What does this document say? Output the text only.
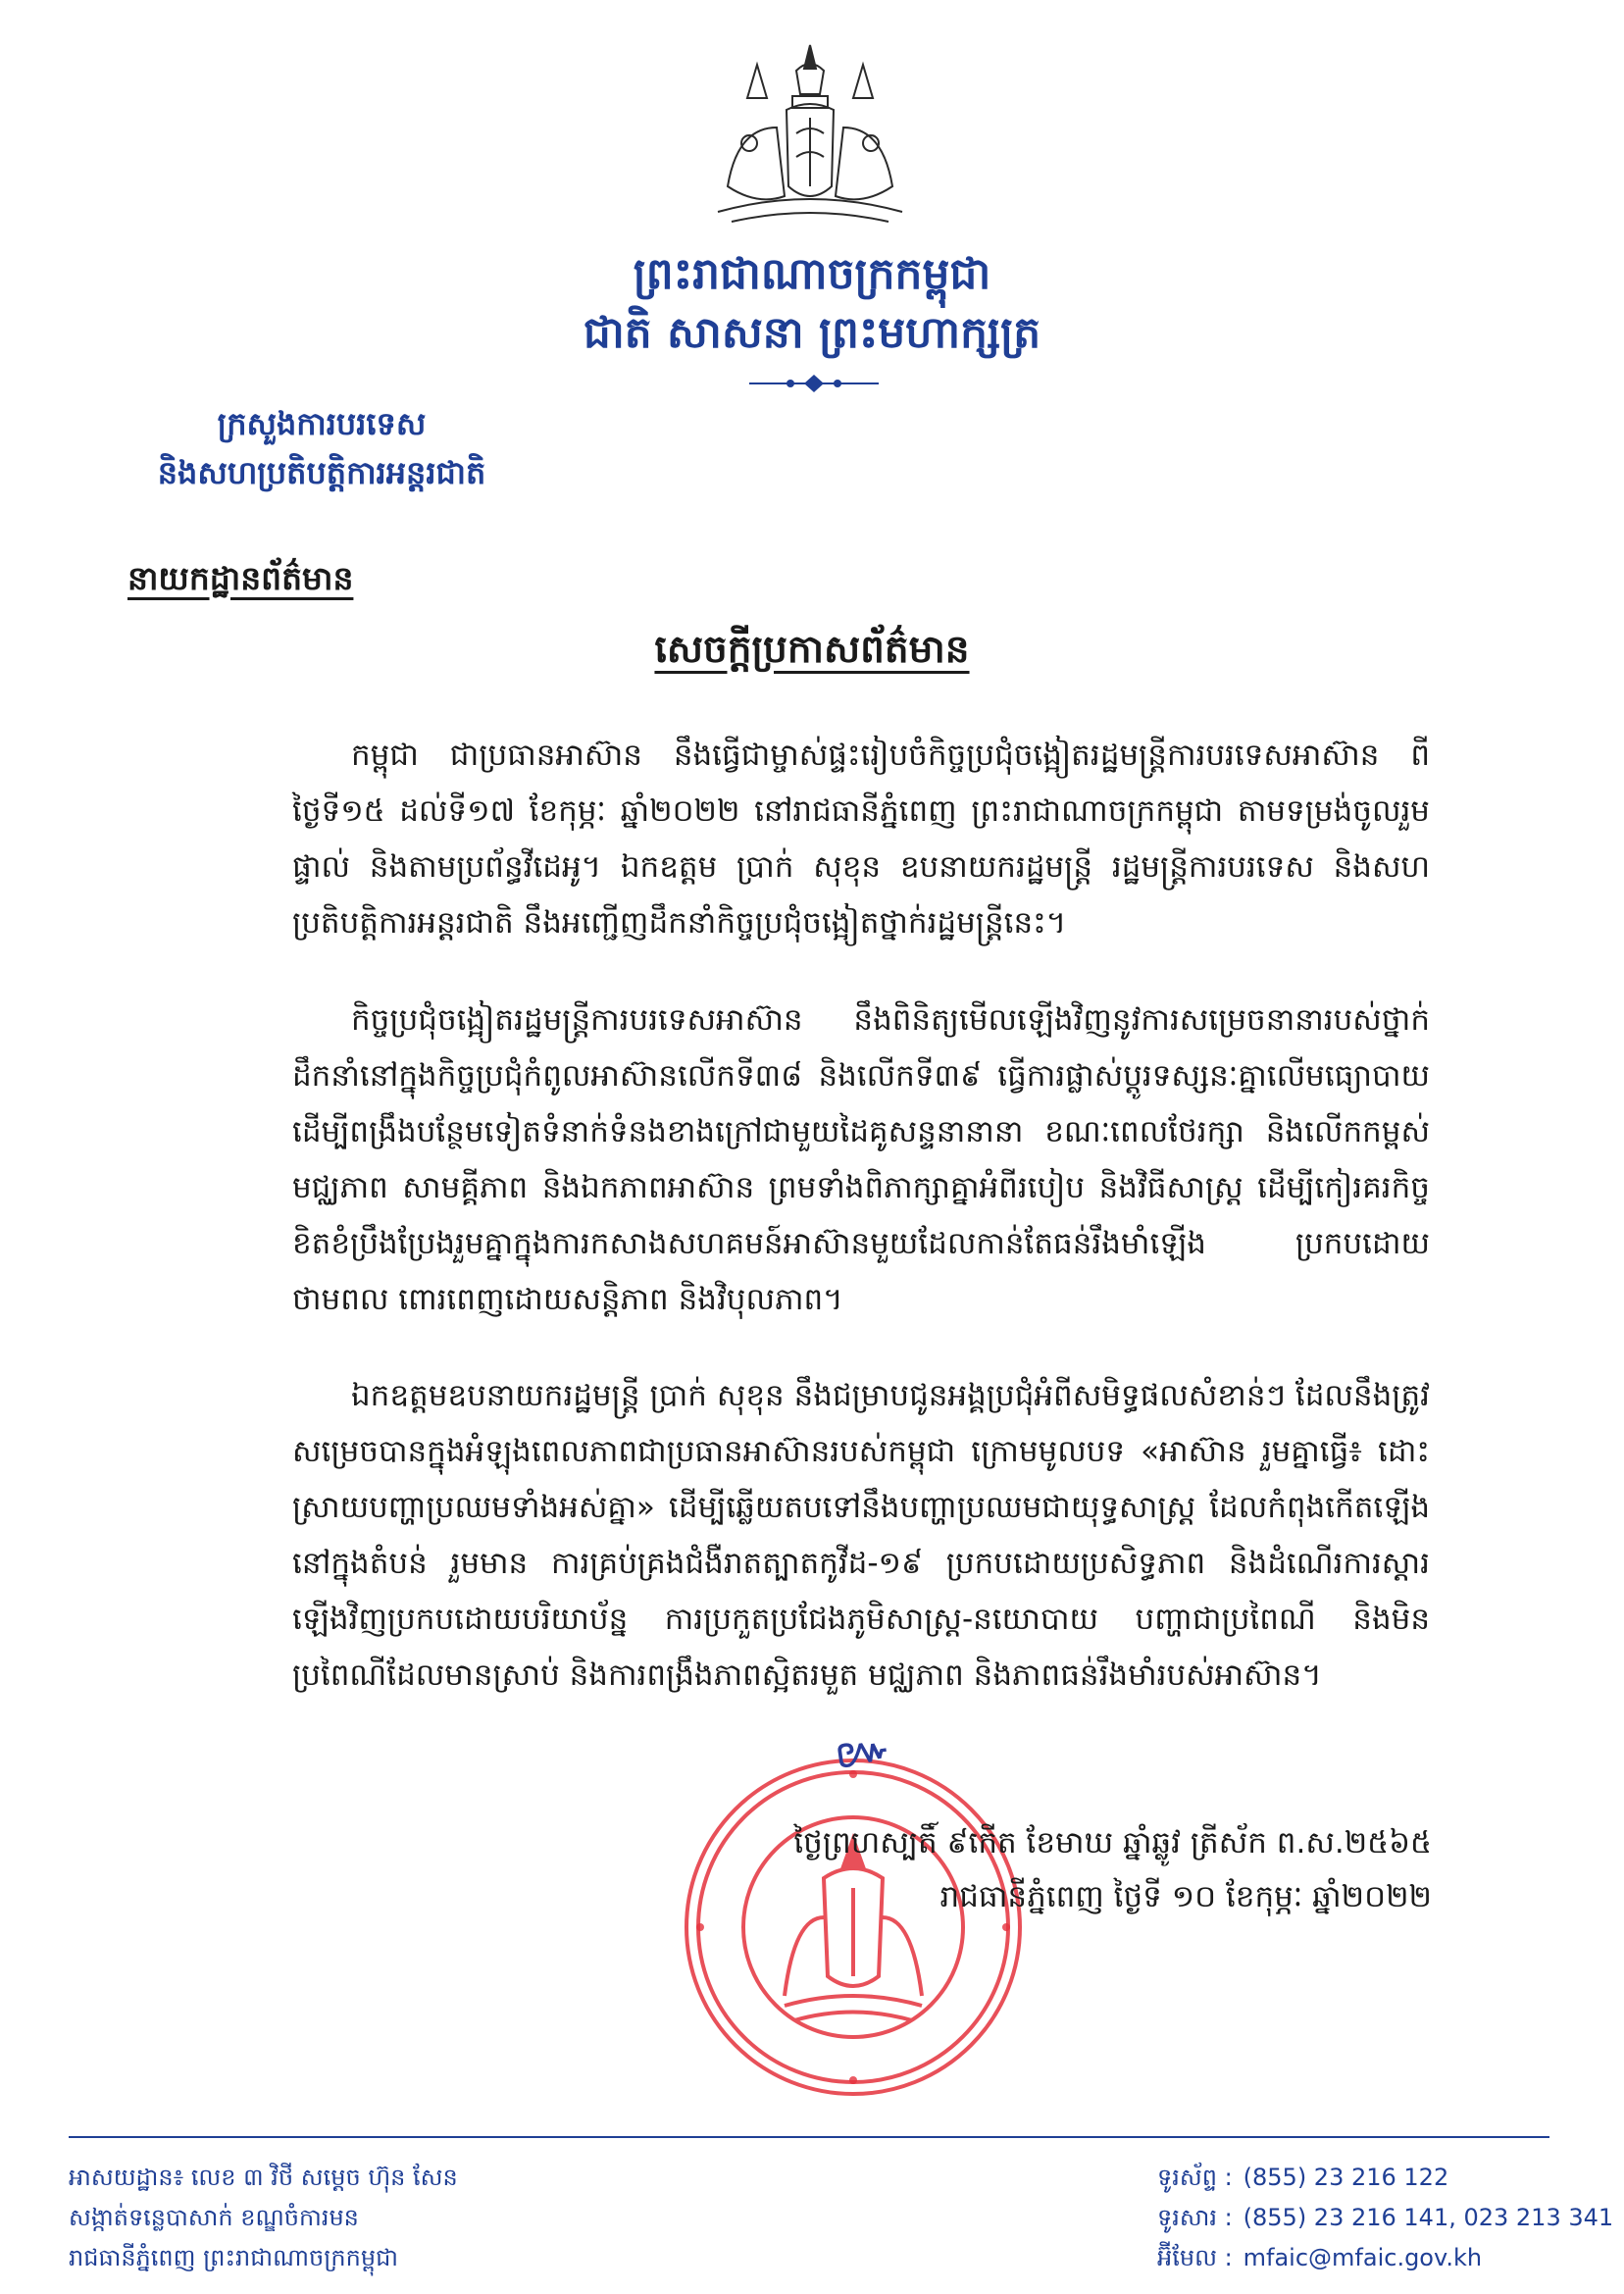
ព្រះរាជាណាចក្រកម្ពុជា
ជាតិ សាសនា ព្រះមហាក្សត្រ
ក្រសួងការបរទេស
និងសហប្រតិបត្តិការអន្តរជាតិ
នាយកដ្ឋានព័ត៌មាន
សេចក្តីប្រកាសព័ត៌មាន
កម្ពុជា ជាប្រធានអាស៊ាន នឹងធ្វើជាម្ចាស់ផ្ទះរៀបចំកិច្ចប្រជុំចង្អៀតរដ្ឋមន្ត្រីការបរទេសអាស៊ាន ពីថ្ងៃទី១៥ ដល់ទី១៧ ខែកុម្ភៈ ឆ្នាំ២០២២ នៅរាជធានីភ្នំពេញ ព្រះរាជាណាចក្រកម្ពុជា តាមទម្រង់ចូលរួមផ្ទាល់ និងតាមប្រព័ន្ធវីដេអូ។ ឯកឧត្តម ប្រាក់ សុខុន ឧបនាយករដ្ឋមន្ត្រី រដ្ឋមន្ត្រីការបរទេស និងសហប្រតិបត្តិការអន្តរជាតិ នឹងអញ្ជើញដឹកនាំកិច្ចប្រជុំចង្អៀតថ្នាក់រដ្ឋមន្ត្រីនេះ។
កិច្ចប្រជុំចង្អៀតរដ្ឋមន្ត្រីការបរទេសអាស៊ាន នឹងពិនិត្យមើលឡើងវិញនូវការសម្រេចនានារបស់ថ្នាក់ដឹកនាំនៅក្នុងកិច្ចប្រជុំកំពូលអាស៊ានលើកទី៣៨ និងលើកទី៣៩ ធ្វើការផ្លាស់ប្តូរទស្សនៈគ្នាលើមធ្យោបាយដើម្បីពង្រឹងបន្ថែមទៀតទំនាក់ទំនងខាងក្រៅជាមួយដៃគូសន្ទនានានា ខណៈពេលថែរក្សា និងលើកកម្ពស់មជ្ឈភាព សាមគ្គីភាព និងឯកភាពអាស៊ាន ព្រមទាំងពិភាក្សាគ្នាអំពីរបៀប និងវិធីសាស្ត្រ ដើម្បីកៀរគរកិច្ចខិតខំប្រឹងប្រែងរួមគ្នាក្នុងការកសាងសហគមន៍អាស៊ានមួយដែលកាន់តែធន់រឹងមាំឡើង ប្រកបដោយថាមពល ពោរពេញដោយសន្តិភាព និងវិបុលភាព។
ឯកឧត្តមឧបនាយករដ្ឋមន្ត្រី ប្រាក់ សុខុន នឹងជម្រាបជូនអង្គប្រជុំអំពីសមិទ្ធផលសំខាន់ៗ ដែលនឹងត្រូវសម្រេចបានក្នុងអំឡុងពេលភាពជាប្រធានអាស៊ានរបស់កម្ពុជា ក្រោមមូលបទ «អាស៊ាន រួមគ្នាធ្វើ៖ ដោះស្រាយបញ្ហាប្រឈមទាំងអស់គ្នា» ដើម្បីឆ្លើយតបទៅនឹងបញ្ហាប្រឈមជាយុទ្ធសាស្ត្រ ដែលកំពុងកើតឡើងនៅក្នុងតំបន់ រួមមាន ការគ្រប់គ្រងជំងឺរាតត្បាតកូវីដ-១៩ ប្រកបដោយប្រសិទ្ធភាព និងដំណើរការស្តារឡើងវិញប្រកបដោយបរិយាប័ន្ន ការប្រកួតប្រជែងភូមិសាស្ត្រ-នយោបាយ បញ្ហាជាប្រពៃណី និងមិនប្រពៃណីដែលមានស្រាប់ និងការពង្រឹងភាពស្អិតរមួត មជ្ឈភាព និងភាពធន់រឹងមាំរបស់អាស៊ាន។
៚
ថ្ងៃព្រហស្បតិ៍ ៩កើត ខែមាឃ ឆ្នាំឆ្លូវ ត្រីស័ក ព.ស.២៥៦៥
រាជធានីភ្នំពេញ ថ្ងៃទី ១០ ខែកុម្ភៈ ឆ្នាំ២០២២
អាសយដ្ឋាន៖ លេខ ៣ វិថី សម្តេច ហ៊ុន សែន
សង្កាត់ទន្លេបាសាក់ ខណ្ឌចំការមន
រាជធានីភ្នំពេញ ព្រះរាជាណាចក្រកម្ពុជា
ទូរស័ព្ទ : (855) 23 216 122
ទូរសារ : (855) 23 216 141, 023 213 341
អ៊ីមែល : mfaic@mfaic.gov.kh
